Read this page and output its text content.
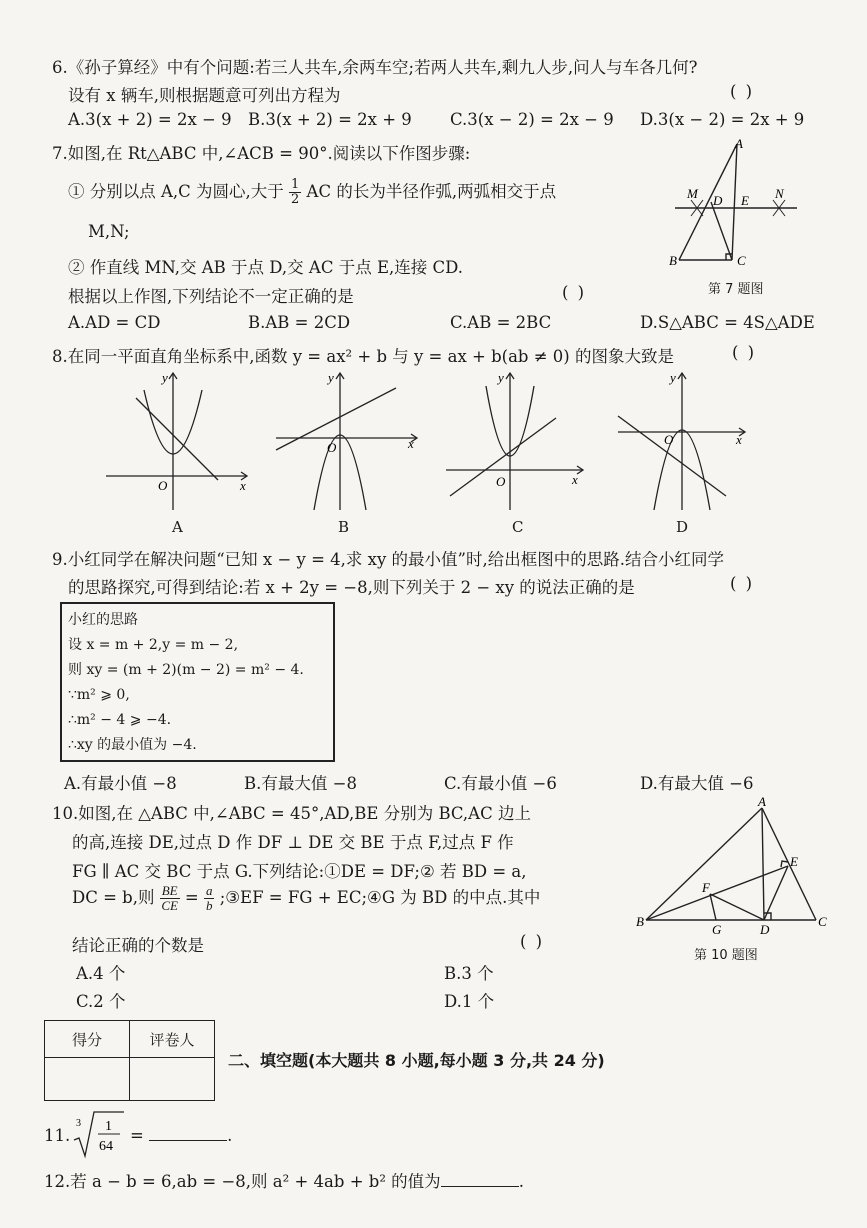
6.《孙子算经》中有个问题:若三人共车,余两车空;若两人共车,剩九人步,问人与车各几何?
设有 x 辆车,则根据题意可列出方程为	( )
A.3(x + 2) = 2x − 9 B.3(x + 2) = 2x + 9 C.3(x − 2) = 2x − 9 D.3(x − 2) = 2x + 9
7.如图,在 Rt△ABC 中,∠ACB = 90°.阅读以下作图步骤:
① 分别以点 A,C 为圆心,大于 $\frac{1}{2}$ AC 的长为半径作弧,两弧相交于点
M,N;
② 作直线 MN,交 AB 于点 D,交 AC 于点 E,连接 CD.
根据以上作图,下列结论不一定正确的是	( )
A.AD = CD	B.AB = 2CD	C.AB = 2BC	D.S△ABC = 4S△ADE
A
B	C
D E
M	N
第 7 题图
8.在同一平面直角坐标系中,函数 y = ax² + b 与 y = ax + b(ab ≠ 0) 的图象大致是	( )
y
x
O
A
y
x
O
B
y
x
O
C
y
x
O
D
9.小红同学在解决问题“已知 x − y = 4,求 xy 的最小值”时,给出框图中的思路.结合小红同学
的思路探究,可得到结论:若 x + 2y = −8,则下列关于 2 − xy 的说法正确的是	( )
小红的思路
设 x = m + 2,y = m − 2,
则 xy = (m + 2)(m − 2) = m² − 4.
∵m² ⩾ 0,
∴m² − 4 ⩾ −4.
∴xy 的最小值为 −4.
A.有最小值 −8	B.有最大值 −8	C.有最小值 −6	D.有最大值 −6
10.如图,在 △ABC 中,∠ABC = 45°,AD,BE 分别为 BC,AC 边上
的高,连接 DE,过点 D 作 DF ⊥ DE 交 BE 于点 F,过点 F 作
FG ∥ AC 交 BC 于点 G.下列结论:①DE = DF;② 若 BD = a,
DC = b,则 $\frac{BE}{CE} = \frac{a}{b}$ ;③EF = FG + EC;④G 为 BD 的中点.其中
结论正确的个数是	( )
A.4 个	B.3 个
C.2 个	D.1 个
A
B	C
D
E
F
G
第 10 题图
得分	评卷人

二、填空题(本大题共 8 小题,每小题 3 分,共 24 分)
11.
3 1
64
=	.
12.若 a − b = 6,ab = −8,则 a² + 4ab + b² 的值为	.
